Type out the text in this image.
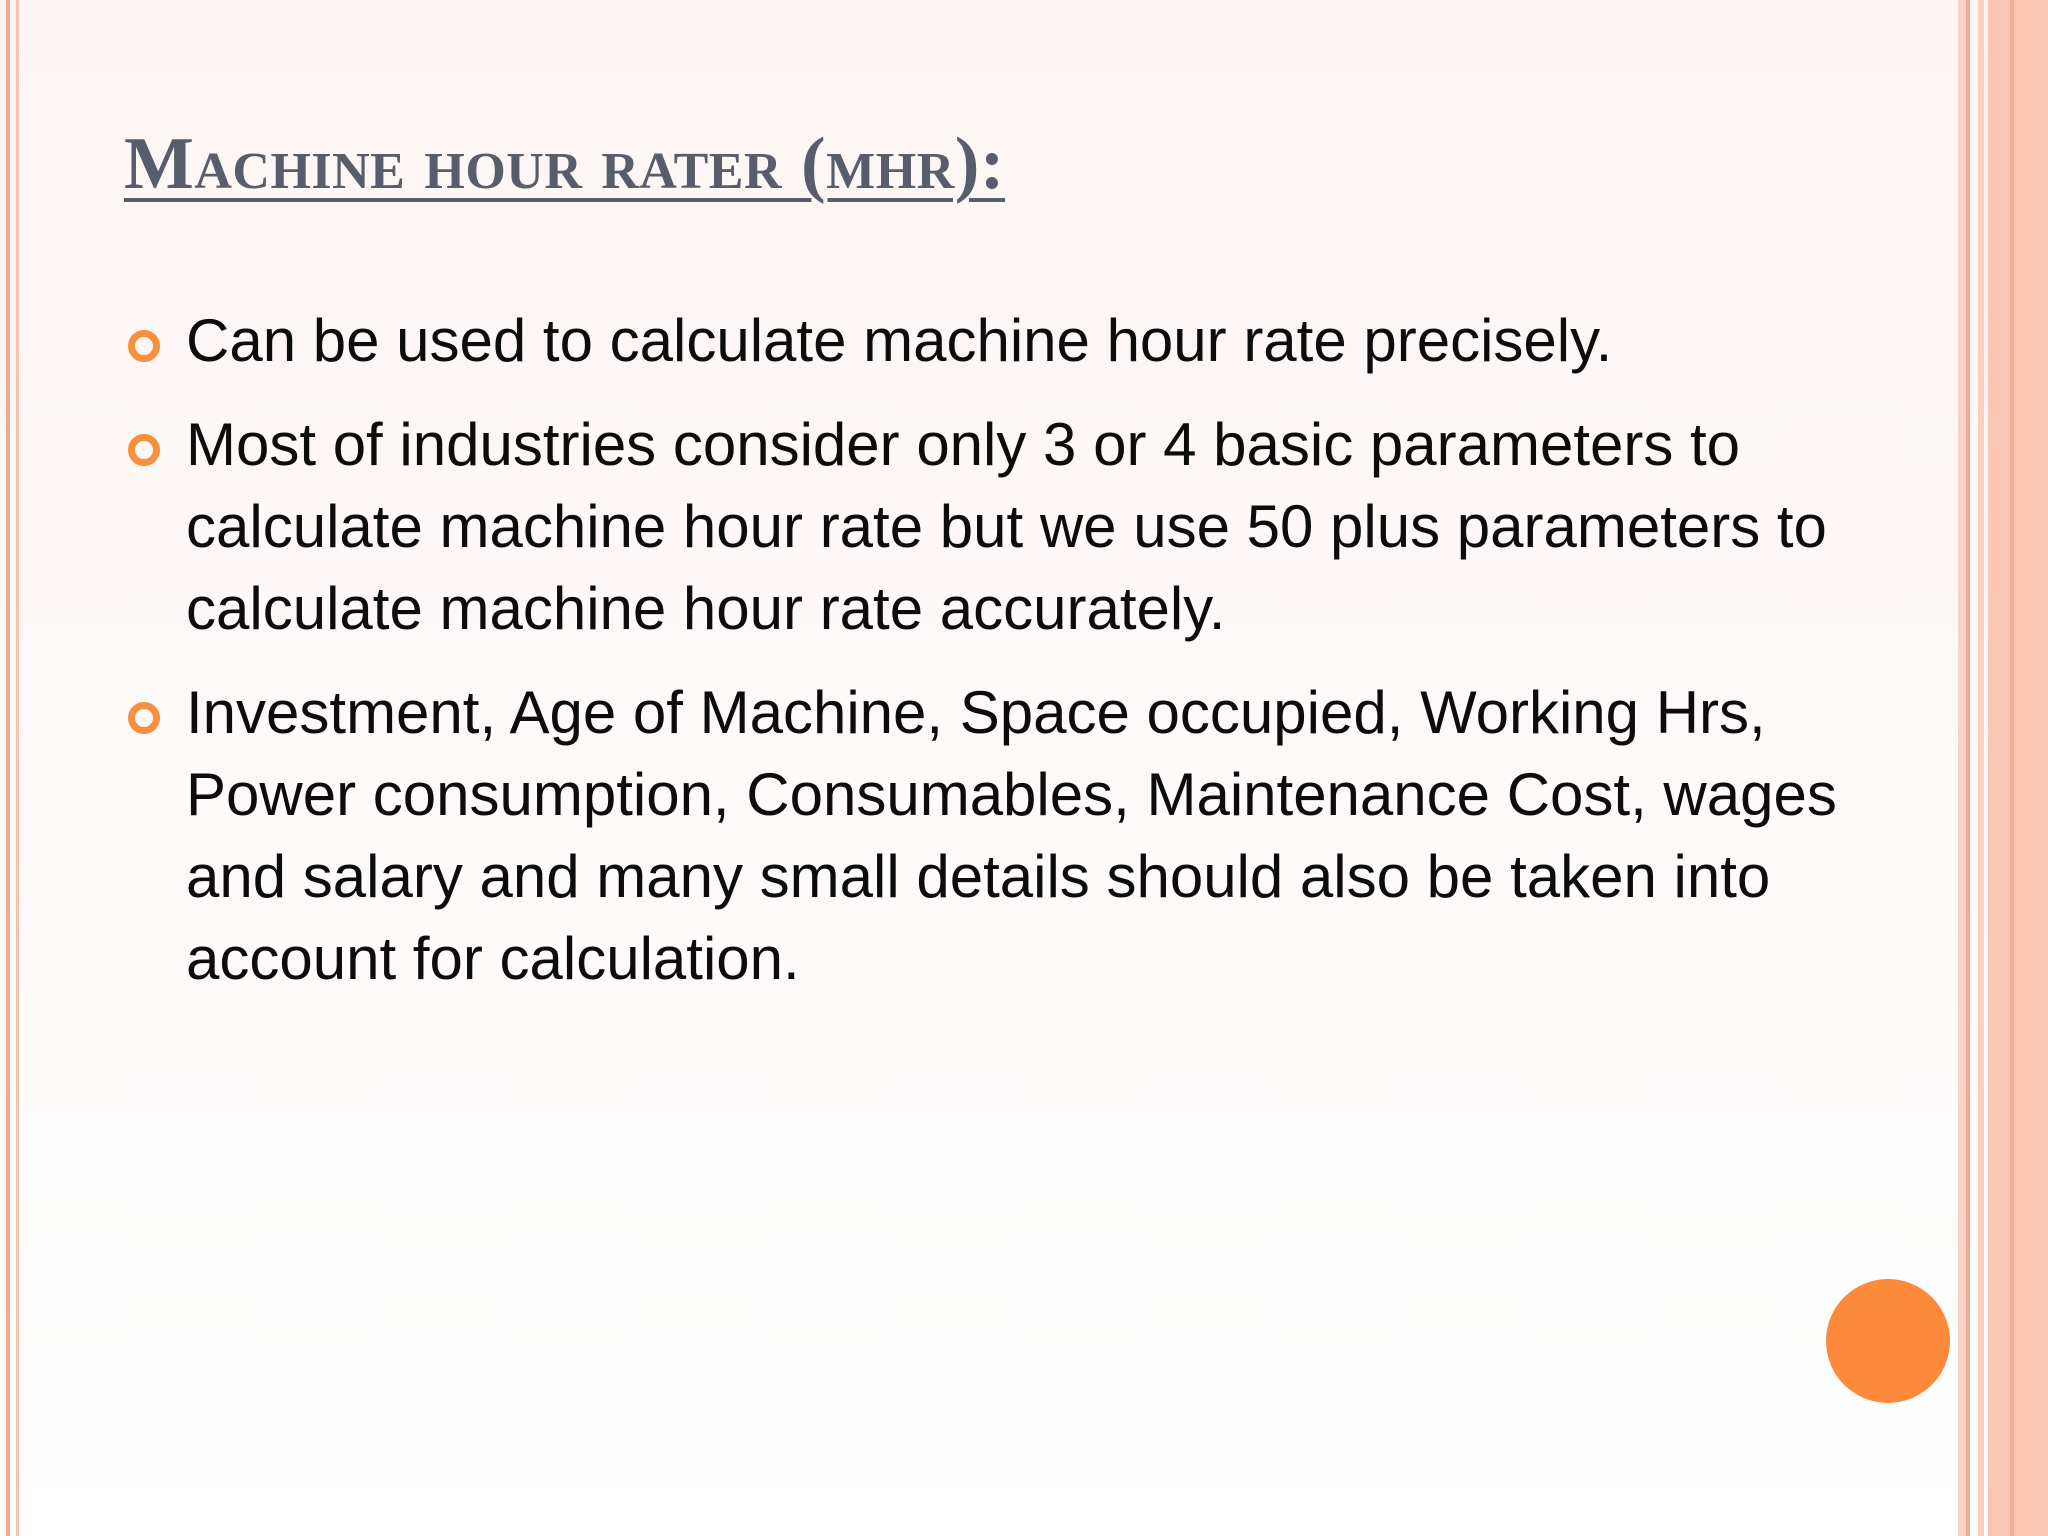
Machine hour rater (mhr):
Can be used to calculate machine hour rate precisely.
Most of industries consider only 3 or 4 basic parameters to calculate machine hour rate but we use 50 plus parameters to calculate machine hour rate accurately.
Investment, Age of Machine, Space occupied, Working Hrs, Power consumption, Consumables, Maintenance Cost, wages and salary and many small details should also be taken into account for calculation.
